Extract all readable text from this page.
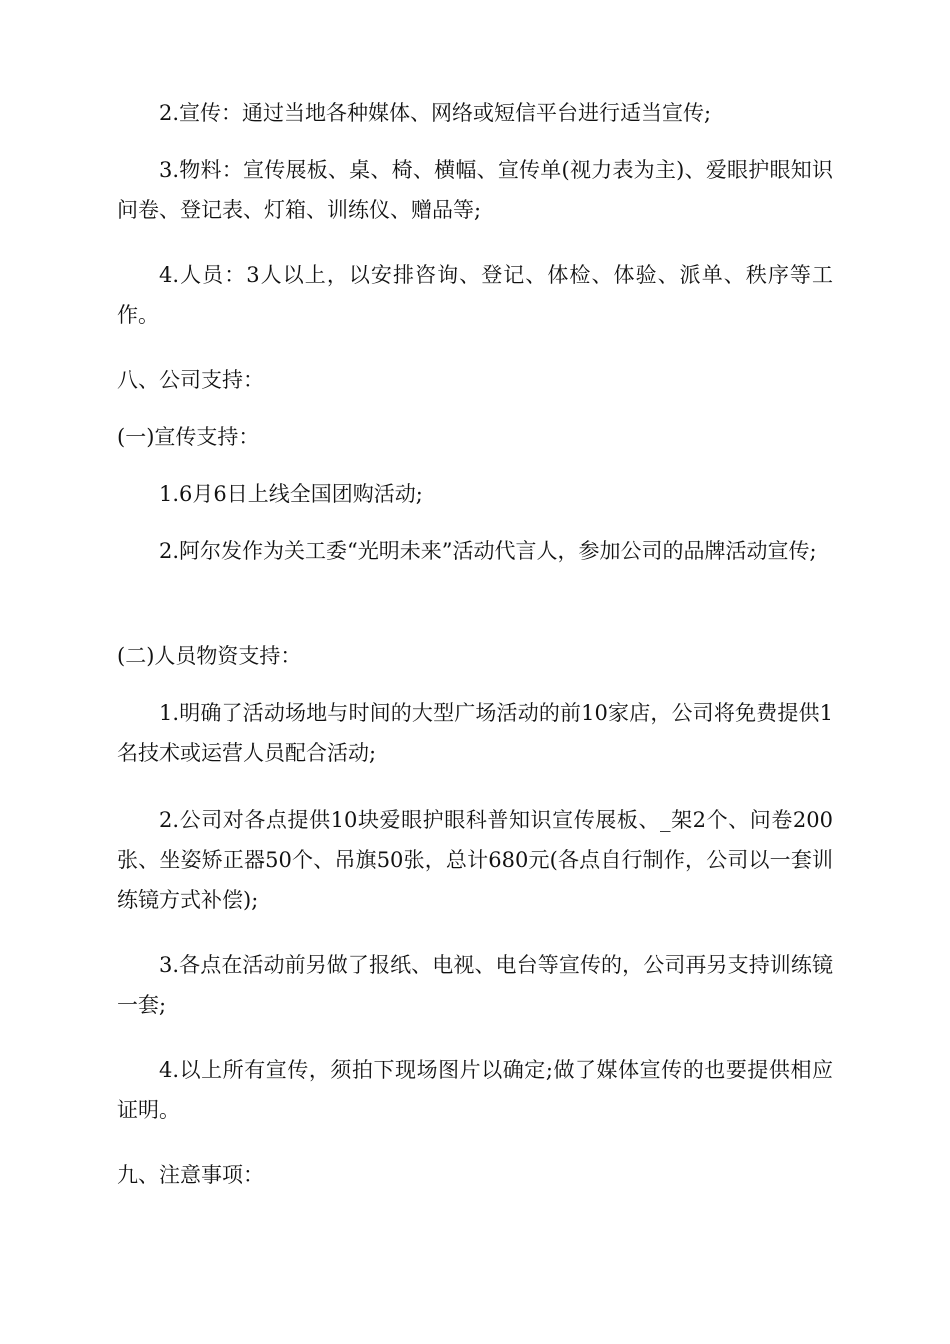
2.宣传：通过当地各种媒体、网络或短信平台进行适当宣传;

3.物料：宣传展板、桌、椅、横幅、宣传单(视力表为主)、爱眼护眼知识问卷、登记表、灯箱、训练仪、赠品等;

4.人员：3人以上，以安排咨询、登记、体检、体验、派单、秩序等工作。

八、公司支持：

(一)宣传支持：

1.6月6日上线全国团购活动;

2.阿尔发作为关工委“光明未来”活动代言人，参加公司的品牌活动宣传;

(二)人员物资支持：

1.明确了活动场地与时间的大型广场活动的前10家店，公司将免费提供1名技术或运营人员配合活动;

2.公司对各点提供10块爱眼护眼科普知识宣传展板、_架2个、问卷200张、坐姿矫正器50个、吊旗50张，总计680元(各点自行制作，公司以一套训练镜方式补偿);

3.各点在活动前另做了报纸、电视、电台等宣传的，公司再另支持训练镜一套;

4.以上所有宣传，须拍下现场图片以确定;做了媒体宣传的也要提供相应证明。

九、注意事项：
